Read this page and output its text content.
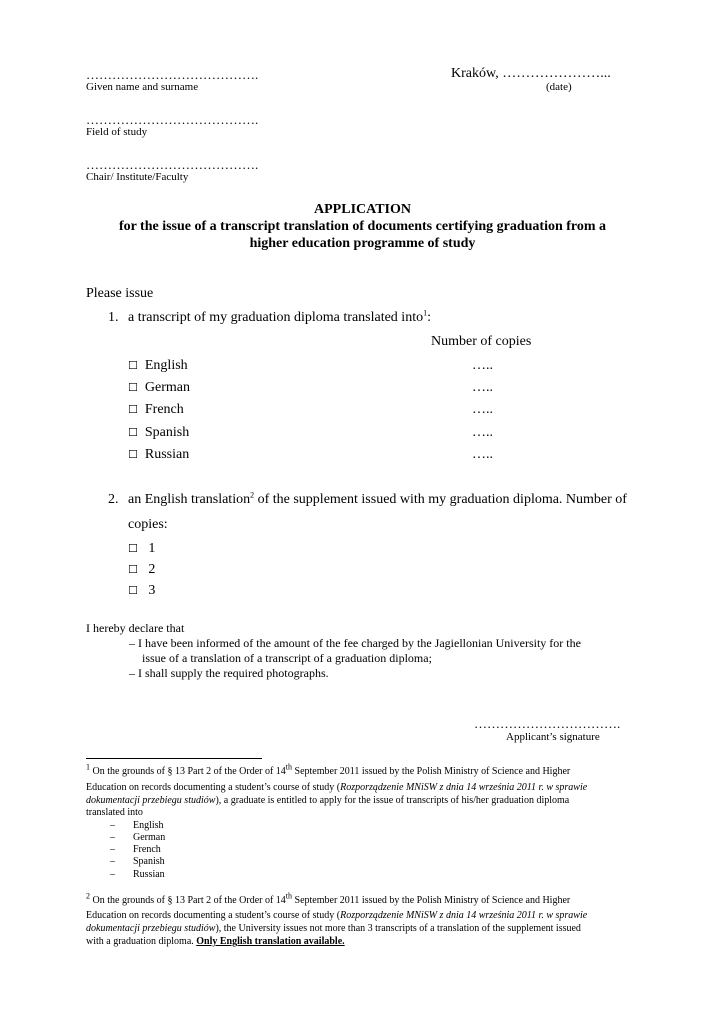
………………………………….
Given name and surname
Kraków, …………………...
(date)
………………………………….
Field of study
………………………………….
Chair/ Institute/Faculty
APPLICATION
for the issue of a transcript translation of documents certifying graduation from a
higher education programme of study
Please issue
1. a transcript of my graduation diploma translated into$^1$:
Number of copies
☐ English	…..
☐ German	…..
☐ French	…..
☐ Spanish	…..
☐ Russian	…..
2. an English translation$^2$ of the supplement issued with my graduation diploma. Number of
copies:
☐ 1
☐ 2
☐ 3
I hereby declare that
– I have been informed of the amount of the fee charged by the Jagiellonian University for the
issue of a translation of a transcript of a graduation diploma;
– I shall supply the required photographs.
…………………………….
Applicant’s signature
$^1$ On the grounds of § 13 Part 2 of the Order of 14th September 2011 issued by the Polish Ministry of Science and Higher
Education on records documenting a student’s course of study (Rozporządzenie MNiSW z dnia 14 września 2011 r. w sprawie
dokumentacji przebiegu studiów), a graduate is entitled to apply for the issue of transcripts of his/her graduation diploma
translated into
– English
– German
– French
– Spanish
– Russian
$^2$ On the grounds of § 13 Part 2 of the Order of 14th September 2011 issued by the Polish Ministry of Science and Higher
Education on records documenting a student’s course of study (Rozporządzenie MNiSW z dnia 14 września 2011 r. w sprawie
dokumentacji przebiegu studiów), the University issues not more than 3 transcripts of a translation of the supplement issued
with a graduation diploma. Only English translation available.
